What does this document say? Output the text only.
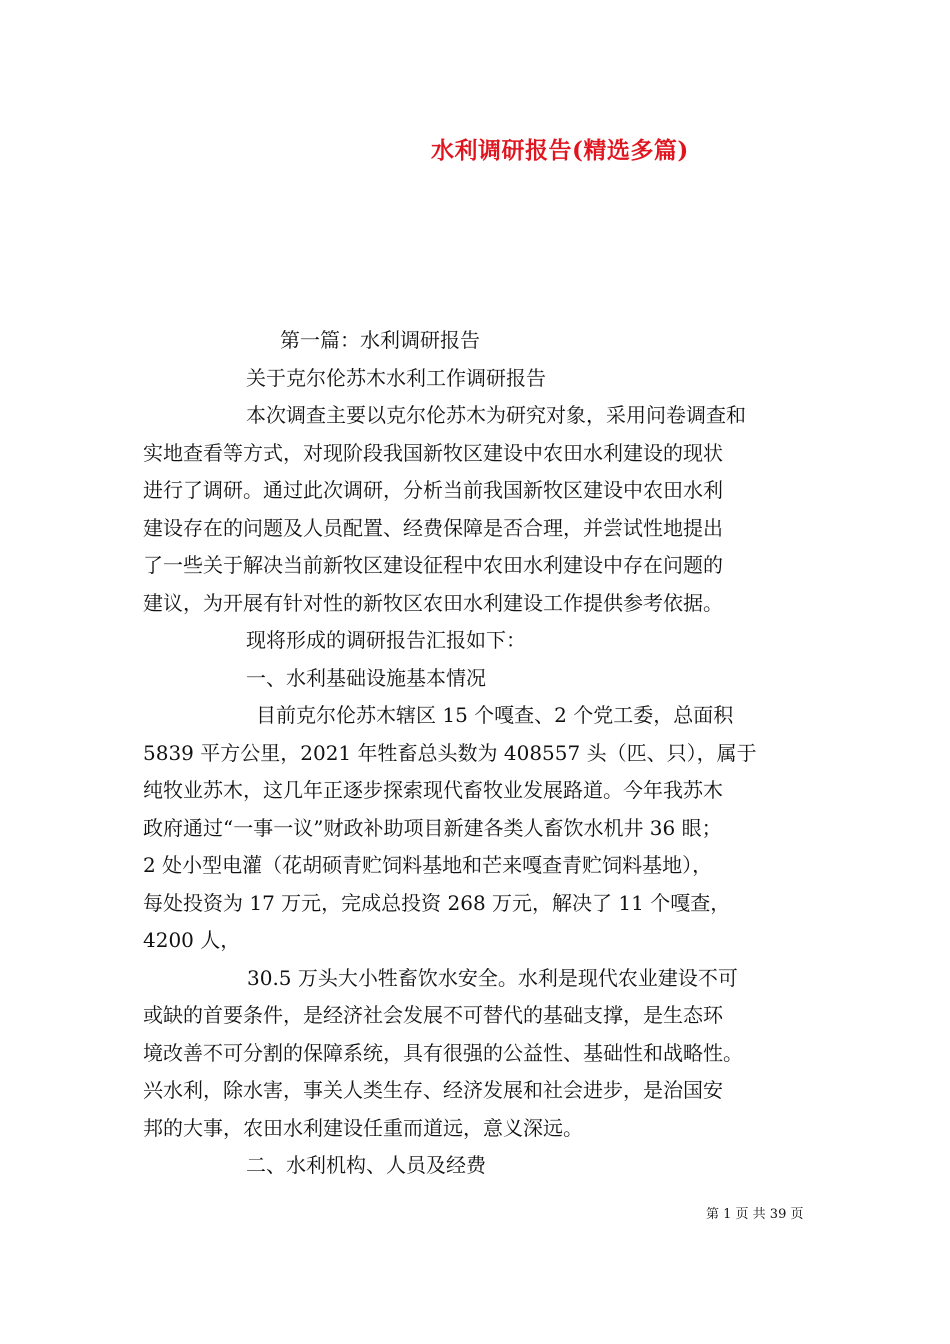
水利调研报告(精选多篇)
第一篇：水利调研报告
关于克尔伦苏木水利工作调研报告
本次调查主要以克尔伦苏木为研究对象，采用问卷调查和
实地查看等方式，对现阶段我国新牧区建设中农田水利建设的现状
进行了调研。通过此次调研，分析当前我国新牧区建设中农田水利
建设存在的问题及人员配置、经费保障是否合理，并尝试性地提出
了一些关于解决当前新牧区建设征程中农田水利建设中存在问题的
建议，为开展有针对性的新牧区农田水利建设工作提供参考依据。
现将形成的调研报告汇报如下：
一、水利基础设施基本情况
目前克尔伦苏木辖区 15 个嘎查、2 个党工委，总面积
5839 平方公里，2021 年牲畜总头数为 408557 头（匹、只），属于
纯牧业苏木，这几年正逐步探索现代畜牧业发展路道。今年我苏木
政府通过“一事一议”财政补助项目新建各类人畜饮水机井 36 眼；
2 处小型电灌（花胡硕青贮饲料基地和芒来嘎查青贮饲料基地），
每处投资为 17 万元，完成总投资 268 万元，解决了 11 个嘎查，
4200 人，
30.5 万头大小牲畜饮水安全。水利是现代农业建设不可
或缺的首要条件，是经济社会发展不可替代的基础支撑，是生态环
境改善不可分割的保障系统，具有很强的公益性、基础性和战略性。
兴水利，除水害，事关人类生存、经济发展和社会进步，是治国安
邦的大事，农田水利建设任重而道远，意义深远。
二、水利机构、人员及经费
第 1 页 共 39 页
